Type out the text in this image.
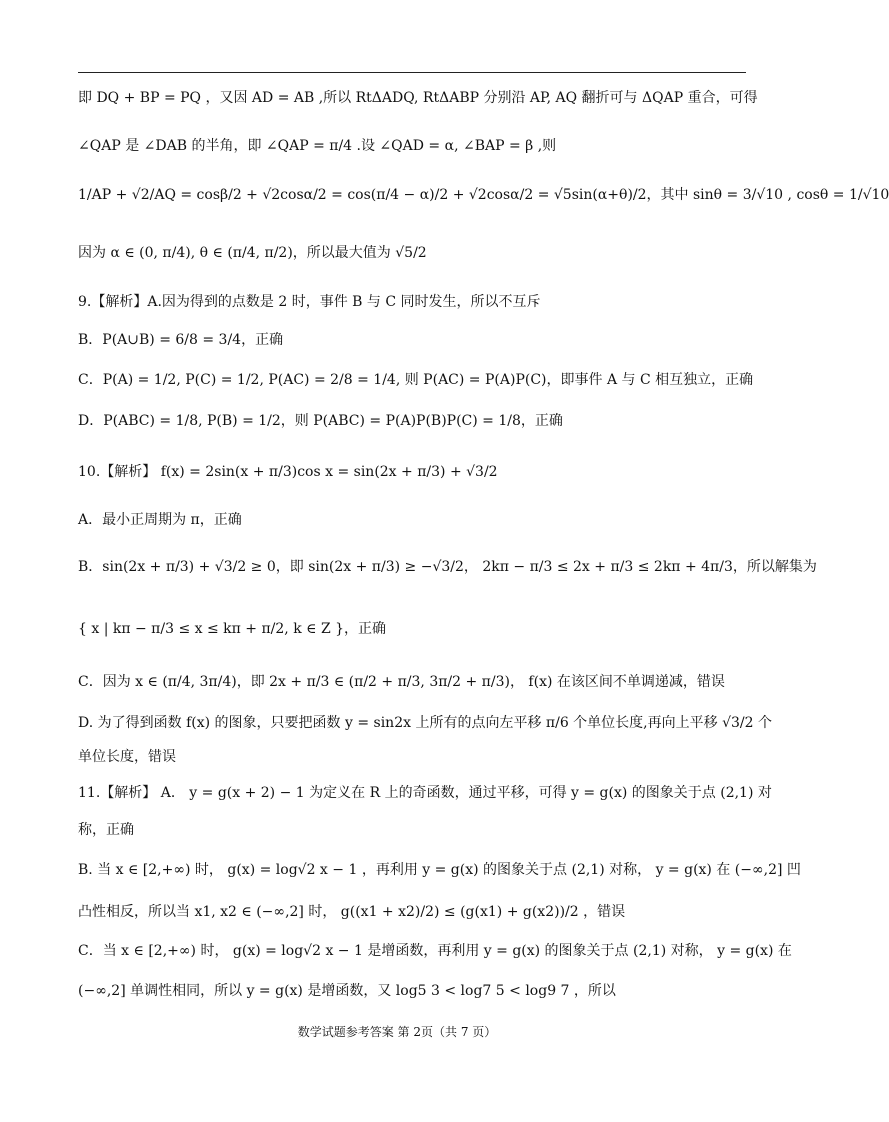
即 DQ + BP = PQ ，又因 AD = AB ,所以 RtΔADQ, RtΔABP 分别沿 AP, AQ 翻折可与 ΔQAP 重合，可得
∠QAP 是 ∠DAB 的半角，即 ∠QAP = π/4 .设 ∠QAD = α, ∠BAP = β ,则
1/AP + √2/AQ = cosβ/2 + √2cosα/2 = cos(π/4 − α)/2 + √2cosα/2 = √5sin(α+θ)/2，其中 sinθ = 3/√10 , cosθ = 1/√10
因为 α ∈ (0, π/4), θ ∈ (π/4, π/2)，所以最大值为 √5/2
9.【解析】A.因为得到的点数是 2 时，事件 B 与 C 同时发生，所以不互斥
B．P(A∪B) = 6/8 = 3/4，正确
C．P(A) = 1/2, P(C) = 1/2, P(AC) = 2/8 = 1/4, 则 P(AC) = P(A)P(C)，即事件 A 与 C 相互独立，正确
D．P(ABC) = 1/8, P(B) = 1/2，则 P(ABC) = P(A)P(B)P(C) = 1/8，正确
10.【解析】 f(x) = 2sin(x + π/3)cos x = sin(2x + π/3) + √3/2
A．最小正周期为 π，正确
B．sin(2x + π/3) + √3/2 ≥ 0，即 sin(2x + π/3) ≥ −√3/2， 2kπ − π/3 ≤ 2x + π/3 ≤ 2kπ + 4π/3，所以解集为
{ x | kπ − π/3 ≤ x ≤ kπ + π/2, k ∈ Z }，正确
C．因为 x ∈ (π/4, 3π/4)，即 2x + π/3 ∈ (π/2 + π/3, 3π/2 + π/3)， f(x) 在该区间不单调递减，错误
D. 为了得到函数 f(x) 的图象，只要把函数 y = sin2x 上所有的点向左平移 π/6 个单位长度,再向上平移 √3/2 个
单位长度，错误
11.【解析】 A． y = g(x + 2) − 1 为定义在 R 上的奇函数，通过平移，可得 y = g(x) 的图象关于点 (2,1) 对
称，正确
B. 当 x ∈ [2,+∞) 时， g(x) = log√2 x − 1 ，再利用 y = g(x) 的图象关于点 (2,1) 对称， y = g(x) 在 (−∞,2] 凹
凸性相反，所以当 x1, x2 ∈ (−∞,2] 时， g((x1 + x2)/2) ≤ (g(x1) + g(x2))/2 ，错误
C．当 x ∈ [2,+∞) 时， g(x) = log√2 x − 1 是增函数，再利用 y = g(x) 的图象关于点 (2,1) 对称， y = g(x) 在
(−∞,2] 单调性相同，所以 y = g(x) 是增函数，又 log5 3 < log7 5 < log9 7 ，所以
数学试题参考答案 第 2页（共 7 页）
